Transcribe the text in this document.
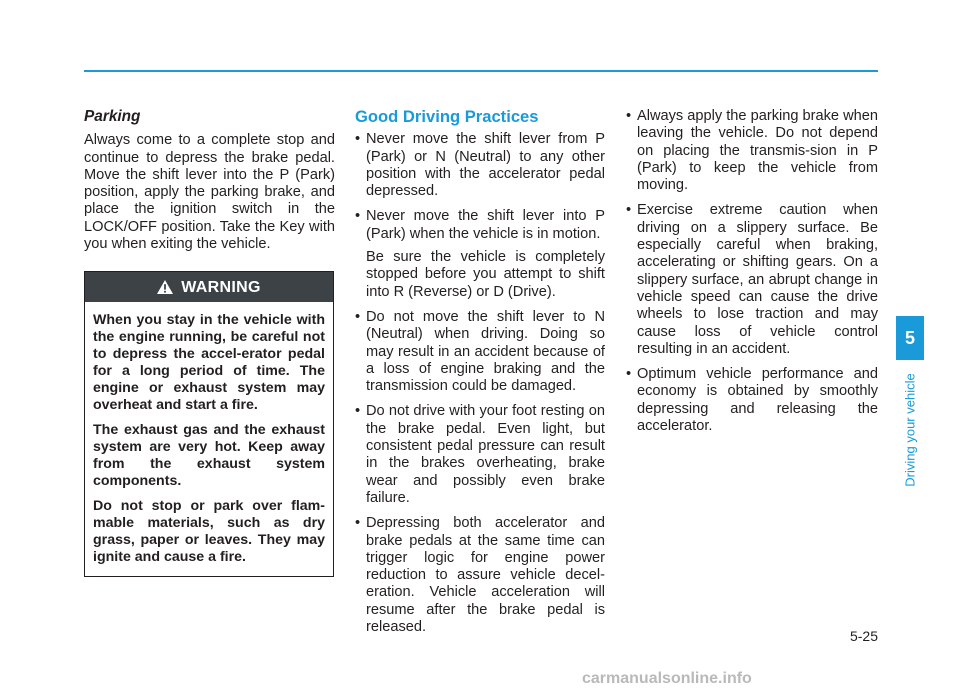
Parking

Always come to a complete stop and continue to depress the brake pedal. Move the shift lever into the P (Park) position, apply the parking brake, and place the ignition switch in the LOCK/OFF position. Take the Key with you when exiting the vehicle.

WARNING

When you stay in the vehicle with the engine running, be careful not to depress the accel-erator pedal for a long period of time. The engine or exhaust system may overheat and start a fire.

The exhaust gas and the exhaust system are very hot. Keep away from the exhaust system components.

Do not stop or park over flam-mable materials, such as dry grass, paper or leaves. They may ignite and cause a fire.

Good Driving Practices
• Never move the shift lever from P (Park) or N (Neutral) to any other position with the accelerator pedal depressed.
• Never move the shift lever into P (Park) when the vehicle is in motion.
Be sure the vehicle is completely stopped before you attempt to shift into R (Reverse) or D (Drive).
• Do not move the shift lever to N (Neutral) when driving. Doing so may result in an accident because of a loss of engine braking and the transmission could be damaged.
• Do not drive with your foot resting on the brake pedal. Even light, but consistent pedal pressure can result in the brakes overheating, brake wear and possibly even brake failure.
• Depressing both accelerator and brake pedals at the same time can trigger logic for engine power reduction to assure vehicle decel-eration. Vehicle acceleration will resume after the brake pedal is released.
• Always apply the parking brake when leaving the vehicle. Do not depend on placing the transmis-sion in P (Park) to keep the vehicle from moving.
• Exercise extreme caution when driving on a slippery surface. Be especially careful when braking, accelerating or shifting gears. On a slippery surface, an abrupt change in vehicle speed can cause the drive wheels to lose traction and may cause loss of vehicle control resulting in an accident.
• Optimum vehicle performance and economy is obtained by smoothly depressing and releasing the accelerator.
5
Driving your vehicle
5-25
carmanualsonline.info
